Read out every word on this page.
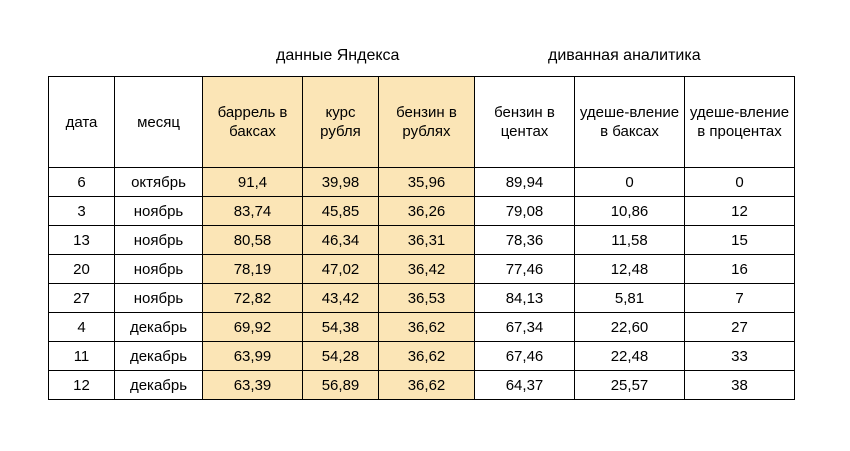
данные Яндекса	диванная аналитика
дата	месяц	баррель в баксах	курс рубля	бензин в рублях	бензин в центах	удеше-вление в баксах	удеше-вление в процентах
6	октябрь	91,4	39,98	35,96	89,94	0	0
3	ноябрь	83,74	45,85	36,26	79,08	10,86	12
13	ноябрь	80,58	46,34	36,31	78,36	11,58	15
20	ноябрь	78,19	47,02	36,42	77,46	12,48	16
27	ноябрь	72,82	43,42	36,53	84,13	5,81	7
4	декабрь	69,92	54,38	36,62	67,34	22,60	27
11	декабрь	63,99	54,28	36,62	67,46	22,48	33
12	декабрь	63,39	56,89	36,62	64,37	25,57	38
